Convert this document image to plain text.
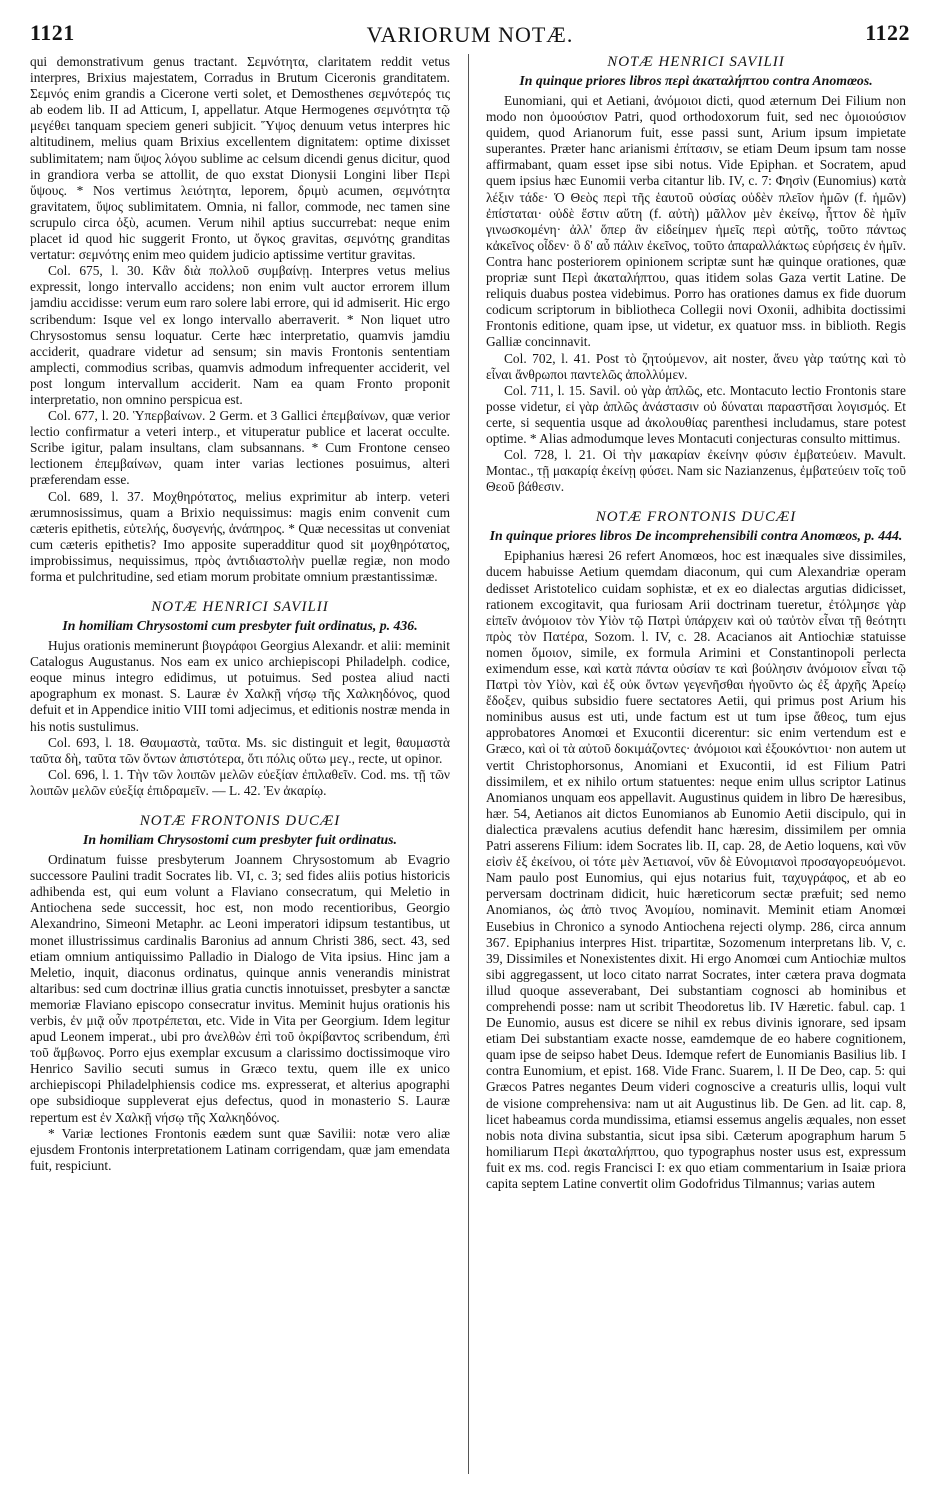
1121	VARIORUM NOTÆ.	1122

qui demonstrativum genus tractant. Σεμνότητα, claritatem reddit vetus interpres, Brixius majestatem, Corradus in Brutum Ciceronis granditatem. Σεμνός enim grandis a Cicerone verti solet, et Demosthenes σεμνότερός τις ab eodem lib. II ad Atticum, I, appellatur. Atque Hermogenes σεμνότητα τῷ μεγέθει tanquam speciem generi subjicit. Ὕψος denuum vetus interpres hic altitudinem, melius quam Brixius excellentem dignitatem: optime dixisset sublimitatem; nam ὕψος λόγου sublime ac celsum dicendi genus dicitur, quod in grandiora verba se attollit, de quo exstat Dionysii Longini liber Περὶ ὕψους. * Nos vertimus λειότητα, leporem, δριμὺ acumen, σεμνότητα gravitatem, ὕψος sublimitatem. Omnia, ni fallor, commode, nec tamen sine scrupulo circa ὀξὺ, acumen. Verum nihil aptius succurrebat: neque enim placet id quod hic suggerit Fronto, ut ὄγκος gravitas, σεμνότης granditas vertatur: σεμνότης enim meo quidem judicio aptissime vertitur gravitas.

Col. 675, l. 30. Κἂν διὰ πολλοῦ συμβαίνῃ. Interpres vetus melius expressit, longo intervallo accidens; non enim vult auctor errorem illum jamdiu accidisse: verum eum raro solere labi errore, qui id admiserit. Hic ergo scribendum: Isque vel ex longo intervallo aberraverit. * Non liquet utro Chrysostomus sensu loquatur. Certe hæc interpretatio, quamvis jamdiu acciderit, quadrare videtur ad sensum; sin mavis Frontonis sententiam amplecti, commodius scribas, quamvis admodum infrequenter acciderit, vel post longum intervallum acciderit. Nam ea quam Fronto proponit interpretatio, non omnino perspicua est.

Col. 677, l. 20. Ὑπερβαίνων. 2 Germ. et 3 Gallici ἐπεμβαίνων, quæ verior lectio confirmatur a veteri interp., et vituperatur publice et lacerat occulte. Scribe igitur, palam insultans, clam subsannans. * Cum Frontone censeo lectionem ἐπεμβαίνων, quam inter varias lectiones posuimus, alteri præferendam esse.

Col. 689, l. 37. Μοχθηρότατος, melius exprimitur ab interp. veteri ærumnosissimus, quam a Brixio nequissimus: magis enim convenit cum cæteris epithetis, εὐτελής, δυσγενής, ἀνάπηρος. * Quæ necessitas ut conveniat cum cæteris epithetis? Imo apposite superadditur quod sit μοχθηρότατος, improbissimus, nequissimus, πρὸς ἀντιδιαστολὴν puellæ regiæ, non modo forma et pulchritudine, sed etiam morum probitate omnium præstantissimæ.

NOTÆ HENRICI SAVILII
In homiliam Chrysostomi cum presbyter fuit ordinatus, p. 436.

Hujus orationis meminerunt βιογράφοι Georgius Alexandr. et alii: meminit Catalogus Augustanus. Nos eam ex unico archiepiscopi Philadelph. codice, eoque minus integro edidimus, ut potuimus. Sed postea aliud nacti apographum ex monast. S. Lauræ ἐν Χαλκῇ νήσῳ τῆς Χαλκηδόνος, quod defuit et in Appendice initio VIII tomi adjecimus, et editionis nostræ menda in his notis sustulimus.

Col. 693, l. 18. Θαυμαστὰ, ταῦτα. Ms. sic distinguit et legit, θαυμαστὰ ταῦτα δὴ, ταῦτα τῶν ὄντων ἀπιστότερα, ὅτι πόλις οὕτω μεγ., recte, ut opinor.

Col. 696, l. 1. Τὴν τῶν λοιπῶν μελῶν εὐεξίαν ἐπιλαθεῖν. Cod. ms. τῇ τῶν λοιπῶν μελῶν εὐεξίᾳ ἐπιδραμεῖν. — L. 42. Ἐν ἀκαρίῳ.

NOTÆ FRONTONIS DUCÆI
In homiliam Chrysostomi cum presbyter fuit ordinatus.

Ordinatum fuisse presbyterum Joannem Chrysostomum ab Evagrio successore Paulini tradit Socrates lib. VI, c. 3; sed fides aliis potius historicis adhibenda est, qui eum volunt a Flaviano consecratum, qui Meletio in Antiochena sede successit, hoc est, non modo recentioribus, Georgio Alexandrino, Simeoni Metaphr. ac Leoni imperatori idipsum testantibus, ut monet illustrissimus cardinalis Baronius ad annum Christi 386, sect. 43, sed etiam omnium antiquissimo Palladio in Dialogo de Vita ipsius. Hinc jam a Meletio, inquit, diaconus ordinatus, quinque annis venerandis ministrat altaribus: sed cum doctrinæ illius gratia cunctis innotuisset, presbyter a sanctæ memoriæ Flaviano episcopo consecratur invitus. Meminit hujus orationis his verbis, ἐν μιᾷ οὖν προτρέπεται, etc. Vide in Vita per Georgium. Idem legitur apud Leonem imperat., ubi pro ἀνελθὼν ἐπὶ τοῦ ὀκρίβαντος scribendum, ἐπὶ τοῦ ἄμβωνος. Porro ejus exemplar excusum a clarissimo doctissimoque viro Henrico Savilio secuti sumus in Græco textu, quem ille ex unico archiepiscopi Philadelphiensis codice ms. expresserat, et alterius apographi ope subsidioque suppleverat ejus defectus, quod in monasterio S. Lauræ repertum est ἐν Χαλκῇ νήσῳ τῆς Χαλκηδόνος.

* Variæ lectiones Frontonis eædem sunt quæ Savilii: notæ vero aliæ ejusdem Frontonis interpretationem Latinam corrigendam, quæ jam emendata fuit, respiciunt.

NOTÆ HENRICI SAVILII
In quinque priores libros περὶ ἀκαταλήπτου contra Anomœos.

Eunomiani, qui et Aetiani, ἀνόμοιοι dicti, quod æternum Dei Filium non modo non ὁμοούσιον Patri, quod orthodoxorum fuit, sed nec ὁμοιούσιον quidem, quod Arianorum fuit, esse passi sunt, Arium ipsum impietate superantes. Præter hanc arianismi ἐπίτασιν, se etiam Deum ipsum tam nosse affirmabant, quam esset ipse sibi notus. Vide Epiphan. et Socratem, apud quem ipsius hæc Eunomii verba citantur lib. IV, c. 7: Φησὶν (Eunomius) κατὰ λέξιν τάδε· Ὁ Θεὸς περὶ τῆς ἑαυτοῦ οὐσίας οὐδὲν πλεῖον ἡμῶν (f. ἡμῶν) ἐπίσταται· οὐδὲ ἔστιν αὕτη (f. αὐτὴ) μᾶλλον μὲν ἐκείνῳ, ἧττον δὲ ἡμῖν γινωσκομένη· ἀλλ' ὅπερ ἂν εἰδείημεν ἡμεῖς περὶ αὐτῆς, τοῦτο πάντως κἀκεῖνος οἶδεν· ὃ δ' αὖ πάλιν ἐκεῖνος, τοῦτο ἀπαραλλάκτως εὑρήσεις ἐν ἡμῖν. Contra hanc posteriorem opinionem scriptæ sunt hæ quinque orationes, quæ propriæ sunt Περὶ ἀκαταλήπτου, quas itidem solas Gaza vertit Latine. De reliquis duabus postea videbimus. Porro has orationes damus ex fide duorum codicum scriptorum in bibliotheca Collegii novi Oxonii, adhibita doctissimi Frontonis editione, quam ipse, ut videtur, ex quatuor mss. in biblioth. Regis Galliæ concinnavit.

Col. 702, l. 41. Post τὸ ζητούμενον, ait noster, ἄνευ γὰρ ταύτης καὶ τὸ εἶναι ἄνθρωποι παντελῶς ἀπολλύμεν.

Col. 711, l. 15. Savil. οὐ γὰρ ἁπλῶς, etc. Montacuto lectio Frontonis stare posse videtur, εἰ γὰρ ἁπλῶς ἀνάστασιν οὐ δύναται παραστῆσαι λογισμός. Et certe, si sequentia usque ad ἀκολουθίας parenthesi includamus, stare potest optime. * Alias admodumque leves Montacuti conjecturas consulto mittimus.

Col. 728, l. 21. Οἱ τὴν μακαρίαν ἐκείνην φύσιν ἐμβατεύειν. Mavult. Montac., τῇ μακαρίᾳ ἐκείνῃ φύσει. Nam sic Nazianzenus, ἐμβατεύειν τοῖς τοῦ Θεοῦ βάθεσιν.

NOTÆ FRONTONIS DUCÆI
In quinque priores libros De incomprehensibili contra Anomœos, p. 444.

Epiphanius hæresi 26 refert Anomœos, hoc est inæquales sive dissimiles, ducem habuisse Aetium quemdam diaconum, qui cum Alexandriæ operam dedisset Aristotelico cuidam sophistæ, et ex eo dialectas argutias didicisset, rationem excogitavit, qua furiosam Arii doctrinam tueretur, ἐτόλμησε γὰρ εἰπεῖν ἀνόμοιον τὸν Υἱὸν τῷ Πατρὶ ὑπάρχειν καὶ οὐ ταὐτὸν εἶναι τῇ θεότητι πρὸς τὸν Πατέρα, Sozom. l. IV, c. 28. Acacianos ait Antiochiæ statuisse nomen ὅμοιον, simile, ex formula Arimini et Constantinopoli perlecta eximendum esse, καὶ κατὰ πάντα οὐσίαν τε καὶ βούλησιν ἀνόμοιον εἶναι τῷ Πατρὶ τὸν Υἱὸν, καὶ ἐξ οὐκ ὄντων γεγενῆσθαι ἠγοῦντο ὡς ἐξ ἀρχῆς Ἀρείῳ ἔδοξεν, quibus subsidio fuere sectatores Aetii, qui primus post Arium his nominibus ausus est uti, unde factum est ut tum ipse ἄθεος, tum ejus approbatores Anomœi et Exucontii dicerentur: sic enim vertendum est e Græco, καὶ οἱ τὰ αὐτοῦ δοκιμάζοντες· ἀνόμοιοι καὶ ἐξουκόντιοι· non autem ut vertit Christophorsonus, Anomiani et Exucontii, id est Filium Patri dissimilem, et ex nihilo ortum statuentes: neque enim ullus scriptor Latinus Anomianos unquam eos appellavit. Augustinus quidem in libro De hæresibus, hær. 54, Aetianos ait dictos Eunomianos ab Eunomio Aetii discipulo, qui in dialectica prævalens acutius defendit hanc hæresim, dissimilem per omnia Patri asserens Filium: idem Socrates lib. II, cap. 28, de Aetio loquens, καὶ νῦν εἰσὶν ἐξ ἐκείνου, οἱ τότε μὲν Ἀετιανοί, νῦν δὲ Εὐνομιανοὶ προσαγορευόμενοι. Nam paulo post Eunomius, qui ejus notarius fuit, ταχυγράφος, et ab eo perversam doctrinam didicit, huic hæreticorum sectæ præfuit; sed nemo Anomianos, ὡς ἀπὸ τινος Ἀνομίου, nominavit. Meminit etiam Anomœi Eusebius in Chronico a synodo Antiochena rejecti olymp. 286, circa annum 367. Epiphanius interpres Hist. tripartitæ, Sozomenum interpretans lib. V, c. 39, Dissimiles et Nonexistentes dixit. Hi ergo Anomœi cum Antiochiæ multos sibi aggregassent, ut loco citato narrat Socrates, inter cætera prava dogmata illud quoque asseverabant, Dei substantiam cognosci ab hominibus et comprehendi posse: nam ut scribit Theodoretus lib. IV Hæretic. fabul. cap. 1 De Eunomio, ausus est dicere se nihil ex rebus divinis ignorare, sed ipsam etiam Dei substantiam exacte nosse, eamdemque de eo habere cognitionem, quam ipse de seipso habet Deus. Idemque refert de Eunomianis Basilius lib. I contra Eunomium, et epist. 168. Vide Franc. Suarem, l. II De Deo, cap. 5: qui Græcos Patres negantes Deum videri cognoscive a creaturis ullis, loqui vult de visione comprehensiva: nam ut ait Augustinus lib. De Gen. ad lit. cap. 8, licet habeamus corda mundissima, etiamsi essemus angelis æquales, non esset nobis nota divina substantia, sicut ipsa sibi. Cæterum apographum harum 5 homiliarum Περὶ ἀκαταλήπτου, quo typographus noster usus est, expressum fuit ex ms. cod. regis Francisci I: ex quo etiam commentarium in Isaiæ priora capita septem Latine convertit olim Godofridus Tilmannus; varias autem
